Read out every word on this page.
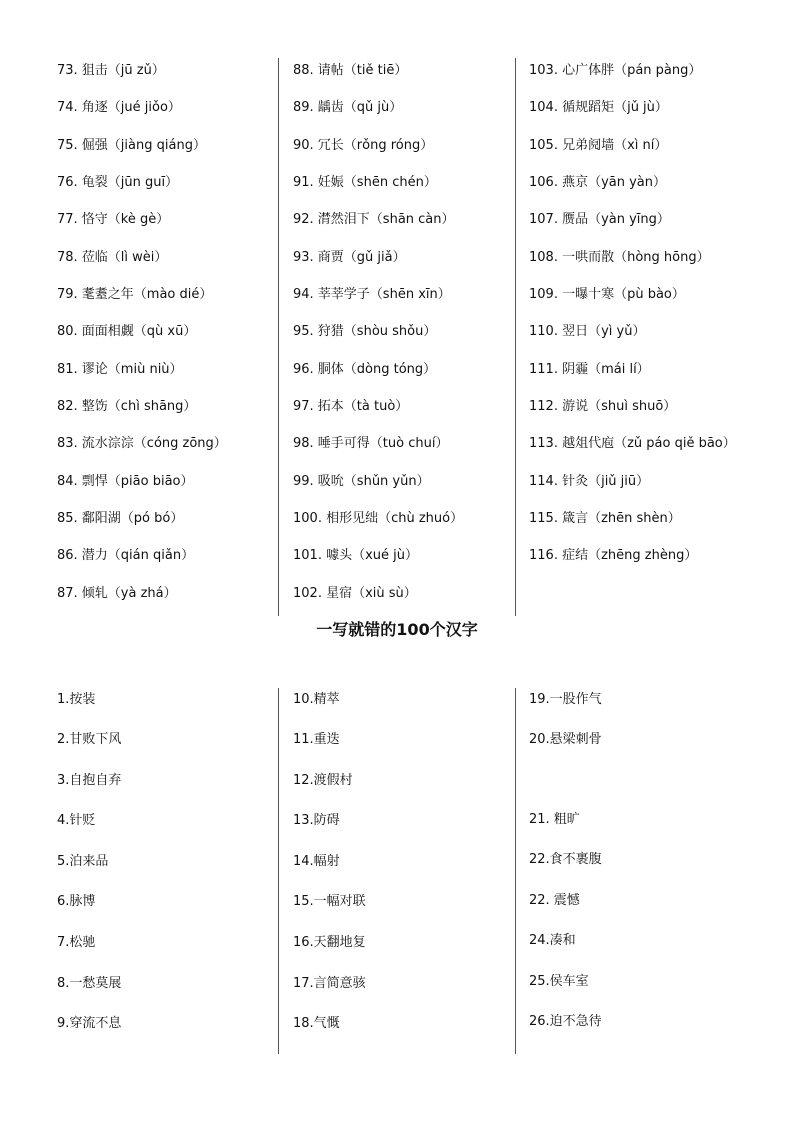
73. 狙击（jū zǔ）
74. 角逐（jué jiǒo）
75. 倔强（jiàng qiáng）
76. 龟裂（jūn guī）
77. 恪守（kè gè）
78. 莅临（lì wèi）
79. 耄耋之年（mào dié）
80. 面面相觑（qù xū）
81. 谬论（miù niù）
82. 整饬（chì shāng）
83. 流水淙淙（cóng zōng）
84. 剽悍（piāo biāo）
85. 鄱阳湖（pó bó）
86. 潜力（qián qiǎn）
87. 倾轧（yà zhá）
88. 请帖（tiě tiē）
89. 龋齿（qǔ jù）
90. 冗长（rǒng róng）
91. 妊娠（shēn chén）
92. 潸然泪下（shān càn）
93. 商贾（gǔ jiǎ）
94. 莘莘学子（shēn xīn）
95. 狩猎（shòu shǒu）
96. 胴体（dòng tóng）
97. 拓本（tà tuò）
98. 唾手可得（tuò chuí）
99. 吸吮（shǔn yǔn）
100. 相形见绌（chù zhuó）
101. 噱头（xué jù）
102. 星宿（xiù sù）
103. 心广体胖（pán pàng）
104. 循规蹈矩（jǔ jù）
105. 兄弟阋墙（xì ní）
106. 燕京（yān yàn）
107. 赝品（yàn yīng）
108. 一哄而散（hòng hōng）
109. 一曝十寒（pù bào）
110. 翌日（yì yǔ）
111. 阴霾（mái lí）
112. 游说（shuì shuō）
113. 越俎代庖（zǔ páo qiě bāo）
114. 针灸（jiǔ jiū）
115. 箴言（zhēn shèn）
116. 症结（zhēng zhèng）
一写就错的100个汉字
1.按装
2.甘败下风
3.自抱自弃
4.针贬
5.泊来品
6.脉博
7.松驰
8.一愁莫展
9.穿流不息
10.精萃
11.重迭
12.渡假村
13.防碍
14.幅射
15.一幅对联
16.天翻地复
17.言简意骇
18.气慨
19.一股作气
20.悬梁刺骨
21. 粗旷
22.食不裹腹
22. 震憾
24.凑和
25.侯车室
26.迫不急待
